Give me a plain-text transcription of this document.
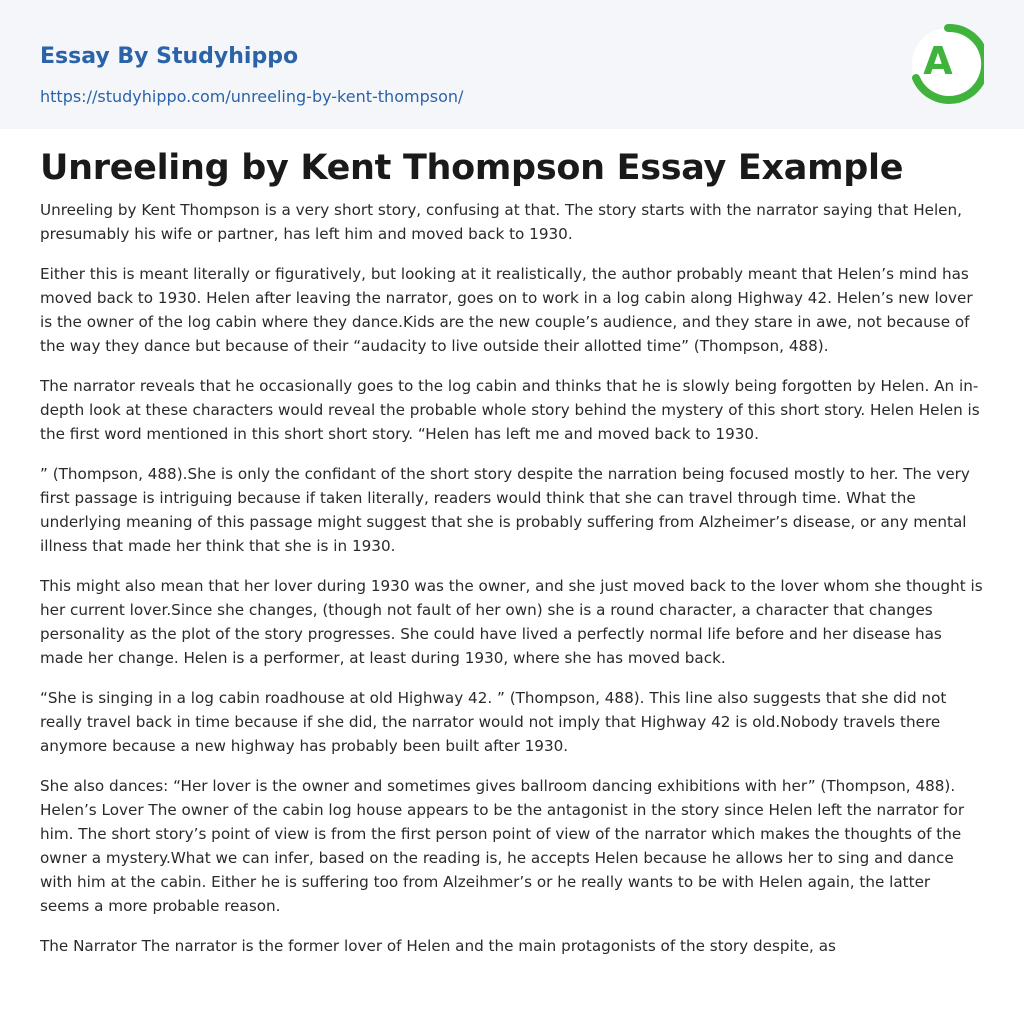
Essay By Studyhippo
https://studyhippo.com/unreeling-by-kent-thompson/
A
Unreeling by Kent Thompson Essay Example

Unreeling by Kent Thompson is a very short story, confusing at that. The story starts with the narrator saying that Helen, presumably his wife or partner, has left him and moved back to 1930.

Either this is meant literally or figuratively, but looking at it realistically, the author probably meant that Helen’s mind has moved back to 1930. Helen after leaving the narrator, goes on to work in a log cabin along Highway 42. Helen’s new lover is the owner of the log cabin where they dance.Kids are the new couple’s audience, and they stare in awe, not because of the way they dance but because of their “audacity to live outside their allotted time” (Thompson, 488).

The narrator reveals that he occasionally goes to the log cabin and thinks that he is slowly being forgotten by Helen. An in-depth look at these characters would reveal the probable whole story behind the mystery of this short story. Helen Helen is the first word mentioned in this short short story. “Helen has left me and moved back to 1930.

” (Thompson, 488).She is only the confidant of the short story despite the narration being focused mostly to her. The very first passage is intriguing because if taken literally, readers would think that she can travel through time. What the underlying meaning of this passage might suggest that she is probably suffering from Alzheimer’s disease, or any mental illness that made her think that she is in 1930.

This might also mean that her lover during 1930 was the owner, and she just moved back to the lover whom she thought is her current lover.Since she changes, (though not fault of her own) she is a round character, a character that changes personality as the plot of the story progresses. She could have lived a perfectly normal life before and her disease has made her change. Helen is a performer, at least during 1930, where she has moved back.

“She is singing in a log cabin roadhouse at old Highway 42. ” (Thompson, 488). This line also suggests that she did not really travel back in time because if she did, the narrator would not imply that Highway 42 is old.Nobody travels there anymore because a new highway has probably been built after 1930.

She also dances: “Her lover is the owner and sometimes gives ballroom dancing exhibitions with her” (Thompson, 488). Helen’s Lover The owner of the cabin log house appears to be the antagonist in the story since Helen left the narrator for him. The short story’s point of view is from the first person point of view of the narrator which makes the thoughts of the owner a mystery.What we can infer, based on the reading is, he accepts Helen because he allows her to sing and dance with him at the cabin. Either he is suffering too from Alzeihmer’s or he really wants to be with Helen again, the latter seems a more probable reason.

The Narrator The narrator is the former lover of Helen and the main protagonists of the story despite, as
